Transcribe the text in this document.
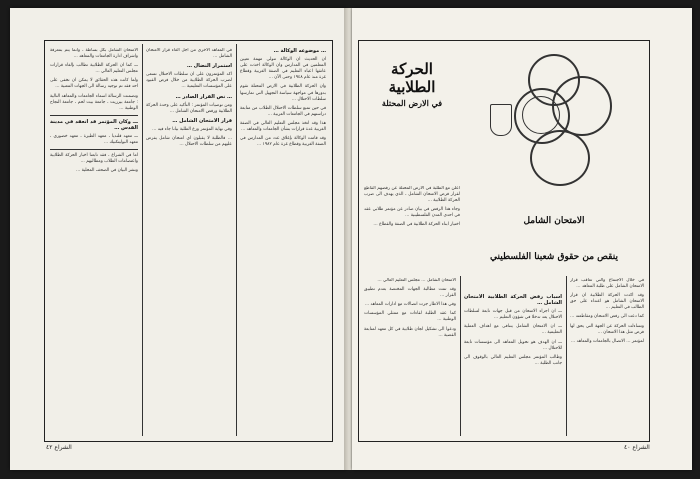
… موضوعه الوكالة …

ان الحديث ان الوكالة تتولى مهمة تعيين المعلمين في المدارس وان الوكالة اخذت على عاتقها اعباء التعليم في الضفة الغربية وقطاع غزة منذ عام ١٩٤٨ وحتى الآن …

وان الحركة الطلابية في الارض المحتلة تقوم بدورها في مواجهة سياسة التجهيل التي تمارسها سلطات الاحتلال …

في حين تمنع سلطات الاحتلال الطلاب من متابعة دراستهم في الجامعات العربية …

هذا وقد اتخذ مجلس التعليم العالي في الضفة الغربية عدة قرارات بشأن الجامعات والمعاهد …

وقد قامت الوكالة بإغلاق عدد من المدارس في الضفة الغربية وقطاع غزة عام ١٩٨٢ …

في المعاهد الاخرى من اجل الغاء قرار الامتحان الشامل …

استمرار النضال …

اكد المؤتمرون على ان سلطات الاحتلال تسعى لضرب الحركة الطلابية من خلال فرض القيود على المؤسسات التعليمية …

… نص القرار الصادر …

ومن توصيات المؤتمر : التأكيد على وحدة الحركة الطلابية ورفض الامتحان الشامل …

قرار الامتحان الشامل …

وفي نهاية المؤتمر وزع الطلبة بيانا جاء فيه …

… فالطلبة لا يقبلون اي امتحان شامل يفرض عليهم من سلطات الاحتلال …

الامتحان الشامل بكل بساطة ، وانما يتم بمعرفة واشراف ادارة الجامعات والمعاهد …

ـــ كما ان الحركة الطلابية تطالب بإلغاء قرارات مجلس التعليم العالي …

ولما كانت هذه الحقائق لا يمكن ان تخفى على احد فقد تم توجيه رسالة الى الجهات المعنية …

وتضمنت الرسالة اسماء الجامعات والمعاهد التالية : جامعة بيرزيت ، جامعة بيت لحم ، جامعة النجاح الوطنية …

ـــ وكان المؤتمر قد انعقد في مدينة القدس …

ـــ معهد قلنديا ، معهد الطيرة ، معهد خضوري ، معهد البوليتكنيك …

اما في الشراع ، فقد تابعنا اخبار الحركة الطلابية واعتصامات الطلاب ومطالبهم …

ونشر البيان في الصحف المحلية …

الشراع ٤٢
الحركة
الطلابية
في الارض المحتلة

اعلن مع الطلبة في الارض المحتلة عن رفضهم القاطع لقرار فرض الامتحان الشامل ، الذي يهدف الى ضرب الحركة الطلابية …

وجاء هذا الرفض في بيان صادر عن مؤتمر طلابي عقد في احدى المدن الفلسطينية …

اختيار ابناء الحركة الطلابية في الضفة والقطاع …	الامتحان الشامل
ينقص من حقوق شعبنا الفلسطيني

في خلال الاجتماع والتي تعاقب قرار الامتحان الشامل على طلبة المعاهد …

وقد اكدت الحركة الطلابية ان قرار الامتحان الشامل هو اعتداء على حق الطالب في التعليم …

كما دعت الى رفض الامتحان ومقاطعته …

وتساءلت الحركة عن الجهة التي يحق لها فرض مثل هذا الامتحان …

لمؤتمر … الاتصال بالجامعات والمعاهد …

اسباب رفض الحركة الطلابية الامتحان الشامل …

ـــ ان اجراء الامتحان من قبل جهات تابعة لسلطات الاحتلال يعد تدخلا في شؤون التعليم …

ـــ ان الامتحان الشامل يتنافى مع اهداف العملية التعليمية …

ـــ ان الهدف هو تحويل المعاهد الى مؤسسات تابعة للاحتلال …

وطالب المؤتمر مجلس التعليم العالي بالوقوف الى جانب الطلبة …

الامتحان الشامل … مجلس التعليم العالي …

وقد تمت مطالبة الجهات المختصة بعدم تطبيق القرار …

وفي هذا الاطار جرت اتصالات مع ادارات المعاهد …

كما عقد الطلبة لقاءات مع ممثلي المؤسسات الوطنية …

ودعوا الى تشكيل لجان طلابية في كل معهد لمتابعة القضية …

الشراع ٤٠
